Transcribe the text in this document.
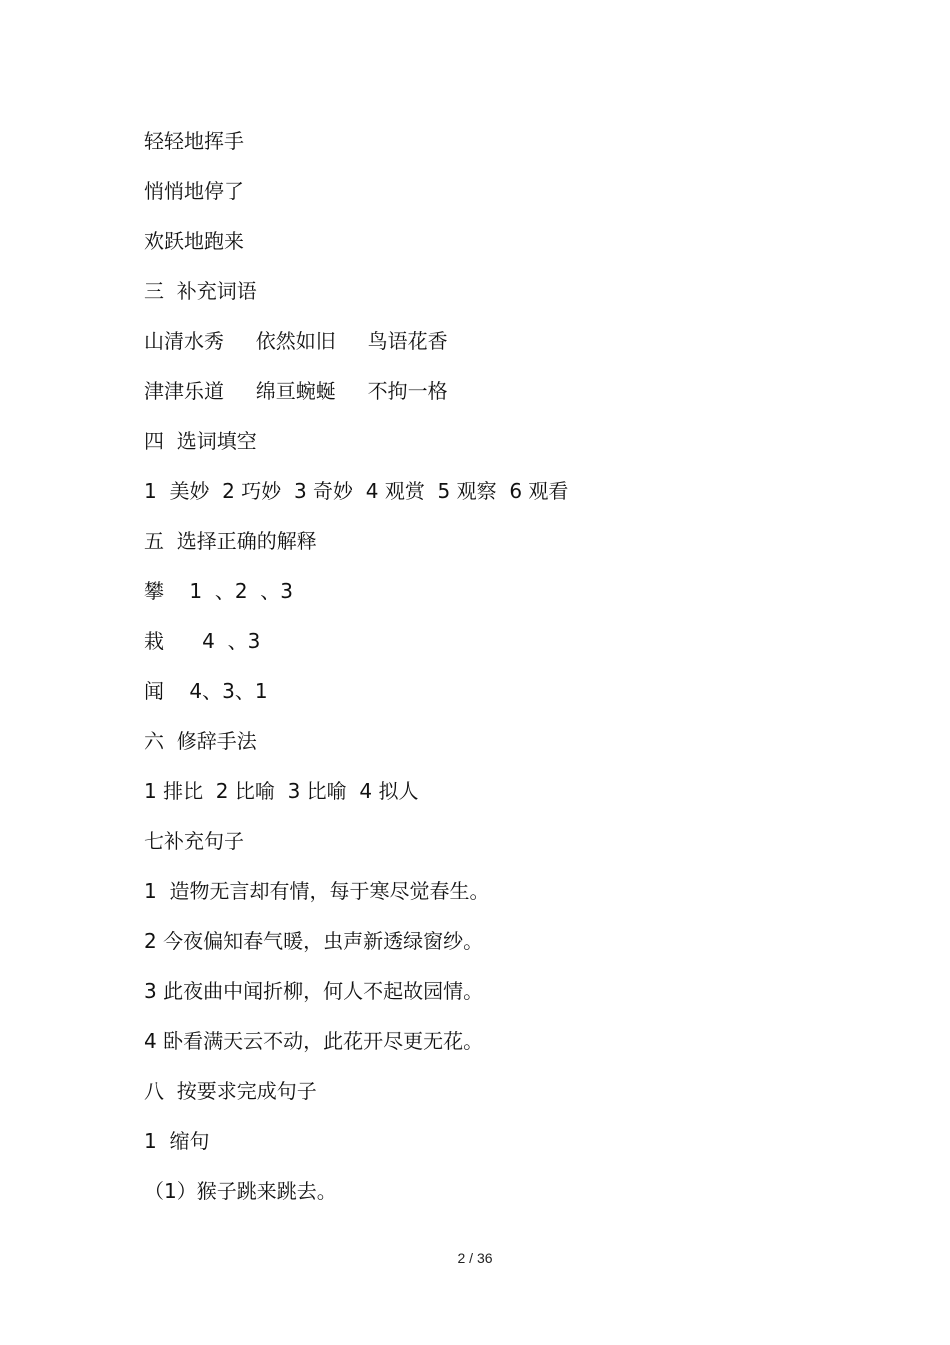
轻轻地挥手
悄悄地停了
欢跃地跑来
三  补充词语
山清水秀     依然如旧     鸟语花香
津津乐道     绵亘蜿蜒     不拘一格
四  选词填空
1  美妙  2 巧妙  3 奇妙  4 观赏  5 观察  6 观看
五  选择正确的解释
攀    1  、2  、3
栽      4  、3
闻    4、3、1
六  修辞手法
1 排比  2 比喻  3 比喻  4 拟人
七补充句子
1  造物无言却有情，每于寒尽觉春生。
2 今夜偏知春气暖，虫声新透绿窗纱。
3 此夜曲中闻折柳，何人不起故园情。
4 卧看满天云不动，此花开尽更无花。
八  按要求完成句子
1  缩句
（1）猴子跳来跳去。
2 / 36
